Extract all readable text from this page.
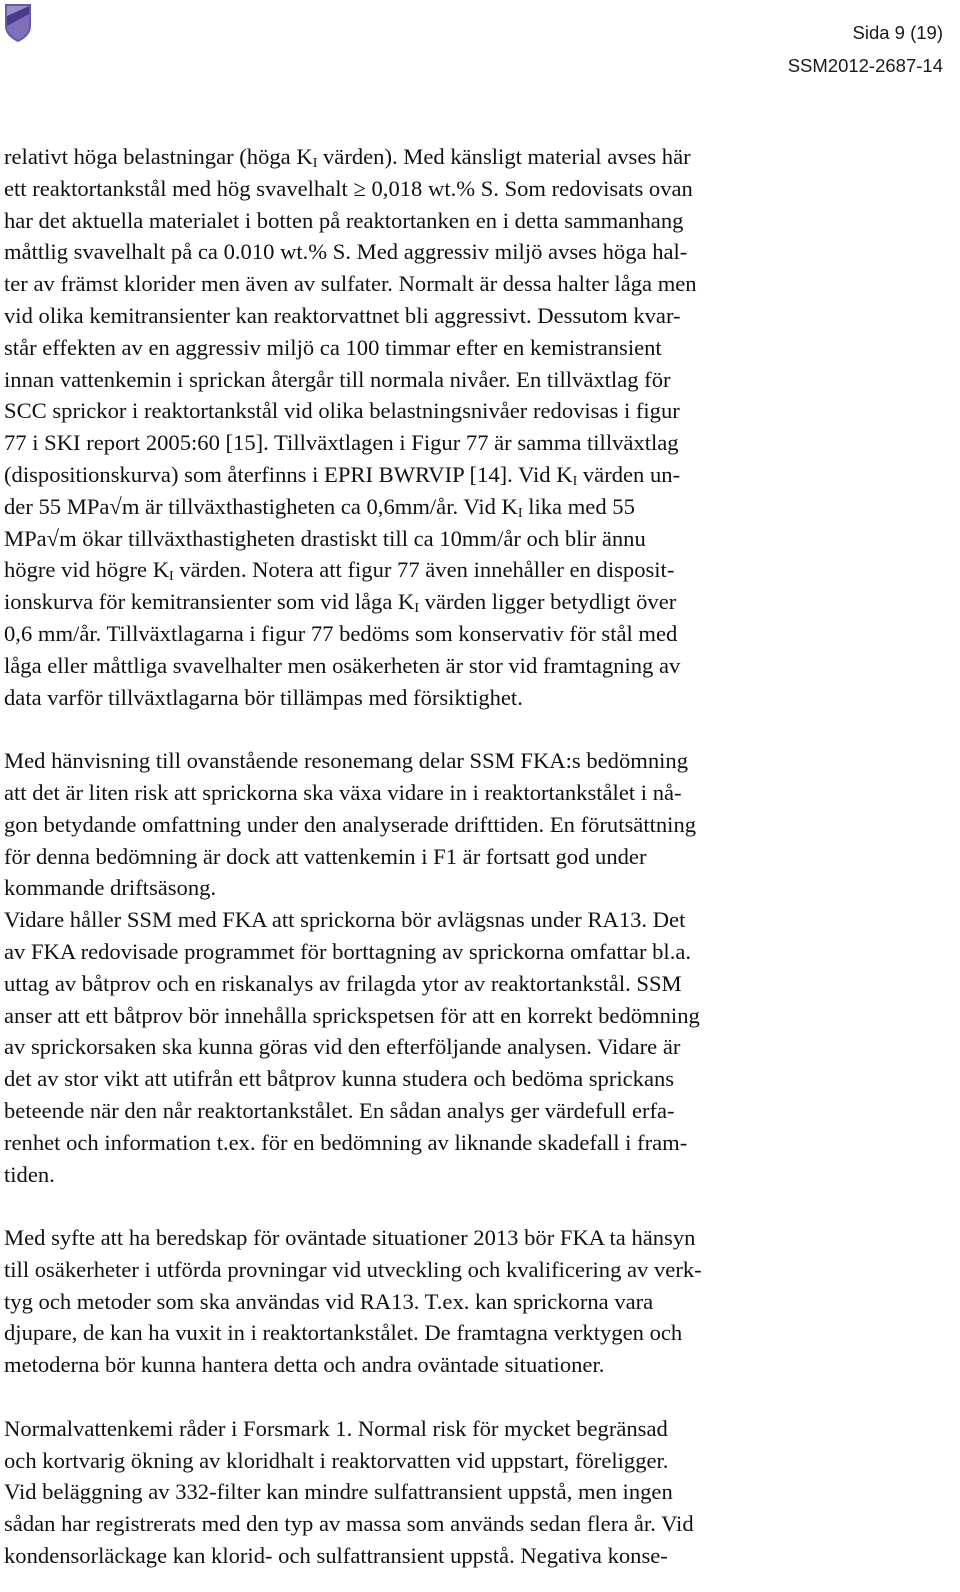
Sida 9 (19)
SSM2012-2687-14
relativt höga belastningar (höga $K_I$ värden). Med känsligt material avses här
ett reaktortankstål med hög svavelhalt ≥ 0,018 wt.% S. Som redovisats ovan
har det aktuella materialet i botten på reaktortanken en i detta sammanhang
måttlig svavelhalt på ca 0.010 wt.% S. Med aggressiv miljö avses höga hal-
ter av främst klorider men även av sulfater. Normalt är dessa halter låga men
vid olika kemitransienter kan reaktorvattnet bli aggressivt. Dessutom kvar-
står effekten av en aggressiv miljö ca 100 timmar efter en kemistransient
innan vattenkemin i sprickan återgår till normala nivåer. En tillväxtlag för
SCC sprickor i reaktortankstål vid olika belastningsnivåer redovisas i figur
77 i SKI report 2005:60 [15]. Tillväxtlagen i Figur 77 är samma tillväxtlag
(dispositionskurva) som återfinns i EPRI BWRVIP [14]. Vid $K_I$ värden un-
der 55 MPa√m är tillväxthastigheten ca 0,6mm/år. Vid $K_I$ lika med 55
MPa√m ökar tillväxthastigheten drastiskt till ca 10mm/år och blir ännu
högre vid högre $K_I$ värden. Notera att figur 77 även innehåller en disposit-
ionskurva för kemitransienter som vid låga $K_I$ värden ligger betydligt över
0,6 mm/år. Tillväxtlagarna i figur 77 bedöms som konservativ för stål med
låga eller måttliga svavelhalter men osäkerheten är stor vid framtagning av
data varför tillväxtlagarna bör tillämpas med försiktighet.
Med hänvisning till ovanstående resonemang delar SSM FKA:s bedömning
att det är liten risk att sprickorna ska växa vidare in i reaktortankstålet i nå-
gon betydande omfattning under den analyserade drifttiden. En förutsättning
för denna bedömning är dock att vattenkemin i F1 är fortsatt god under
kommande driftsäsong.
Vidare håller SSM med FKA att sprickorna bör avlägsnas under RA13. Det
av FKA redovisade programmet för borttagning av sprickorna omfattar bl.a.
uttag av båtprov och en riskanalys av frilagda ytor av reaktortankstål. SSM
anser att ett båtprov bör innehålla sprickspetsen för att en korrekt bedömning
av sprickorsaken ska kunna göras vid den efterföljande analysen. Vidare är
det av stor vikt att utifrån ett båtprov kunna studera och bedöma sprickans
beteende när den når reaktortankstålet. En sådan analys ger värdefull erfa-
renhet och information t.ex. för en bedömning av liknande skadefall i fram-
tiden.
Med syfte att ha beredskap för oväntade situationer 2013 bör FKA ta hänsyn
till osäkerheter i utförda provningar vid utveckling och kvalificering av verk-
tyg och metoder som ska användas vid RA13. T.ex. kan sprickorna vara
djupare, de kan ha vuxit in i reaktortankstålet. De framtagna verktygen och
metoderna bör kunna hantera detta och andra oväntade situationer.
Normalvattenkemi råder i Forsmark 1. Normal risk för mycket begränsad
och kortvarig ökning av kloridhalt i reaktorvatten vid uppstart, föreligger.
Vid beläggning av 332-filter kan mindre sulfattransient uppstå, men ingen
sådan har registrerats med den typ av massa som används sedan flera år. Vid
kondensorläckage kan klorid- och sulfattransient uppstå. Negativa konse-
